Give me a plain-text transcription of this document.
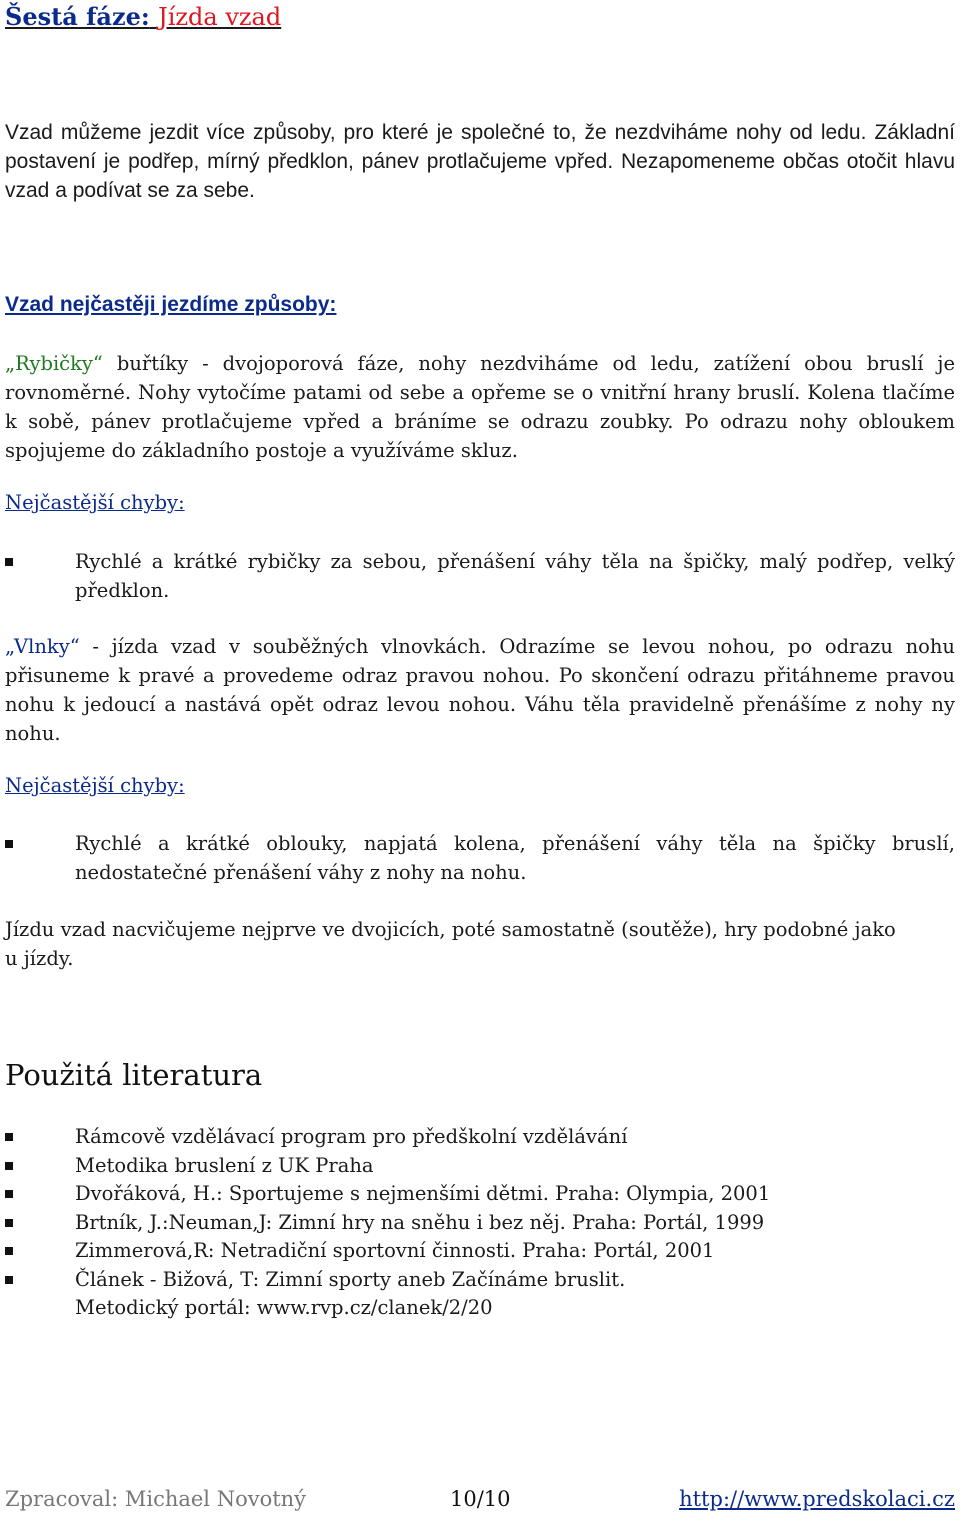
Šestá fáze: Jízda vzad
Vzad můžeme jezdit více způsoby, pro které je společné to, že nezdviháme nohy od ledu. Základní postavení je podřep, mírný předklon, pánev protlačujeme vpřed. Nezapomeneme občas otočit hlavu vzad a podívat se za sebe.
Vzad nejčastěji jezdíme způsoby:
„Rybičky“ buřtíky - dvojoporová fáze, nohy nezdviháme od ledu, zatížení obou bruslí je rovnoměrné. Nohy vytočíme patami od sebe a opřeme se o vnitřní hrany bruslí. Kolena tlačíme k sobě, pánev protlačujeme vpřed a bráníme se odrazu zoubky. Po odrazu nohy obloukem spojujeme do základního postoje a využíváme skluz.
Nejčastější chyby:
Rychlé a krátké rybičky za sebou, přenášení váhy těla na špičky, malý podřep, velký předklon.
„Vlnky“ - jízda vzad v souběžných vlnovkách. Odrazíme se levou nohou, po odrazu nohu přisuneme k pravé a provedeme odraz pravou nohou. Po skončení odrazu přitáhneme pravou nohu k jedoucí a nastává opět odraz levou nohou. Váhu těla pravidelně přenášíme z nohy ny nohu.
Nejčastější chyby:
Rychlé a krátké oblouky, napjatá kolena, přenášení váhy těla na špičky bruslí, nedostatečné přenášení váhy z nohy na nohu.
Jízdu vzad nacvičujeme nejprve ve dvojicích, poté samostatně (soutěže), hry podobné jako u jízdy.
Použitá literatura
Rámcově vzdělávací program pro předškolní vzdělávání
Metodika bruslení z UK Praha
Dvořáková, H.: Sportujeme s nejmenšími dětmi. Praha: Olympia, 2001
Brtník, J.:Neuman,J: Zimní hry na sněhu i bez něj. Praha: Portál, 1999
Zimmerová,R: Netradiční sportovní činnosti. Praha: Portál, 2001
Článek - Bižová, T: Zimní sporty aneb Začínáme bruslit.
Metodický portál: www.rvp.cz/clanek/2/20
Zpracoval: Michael Novotný	10/10	http://www.predskolaci.cz
